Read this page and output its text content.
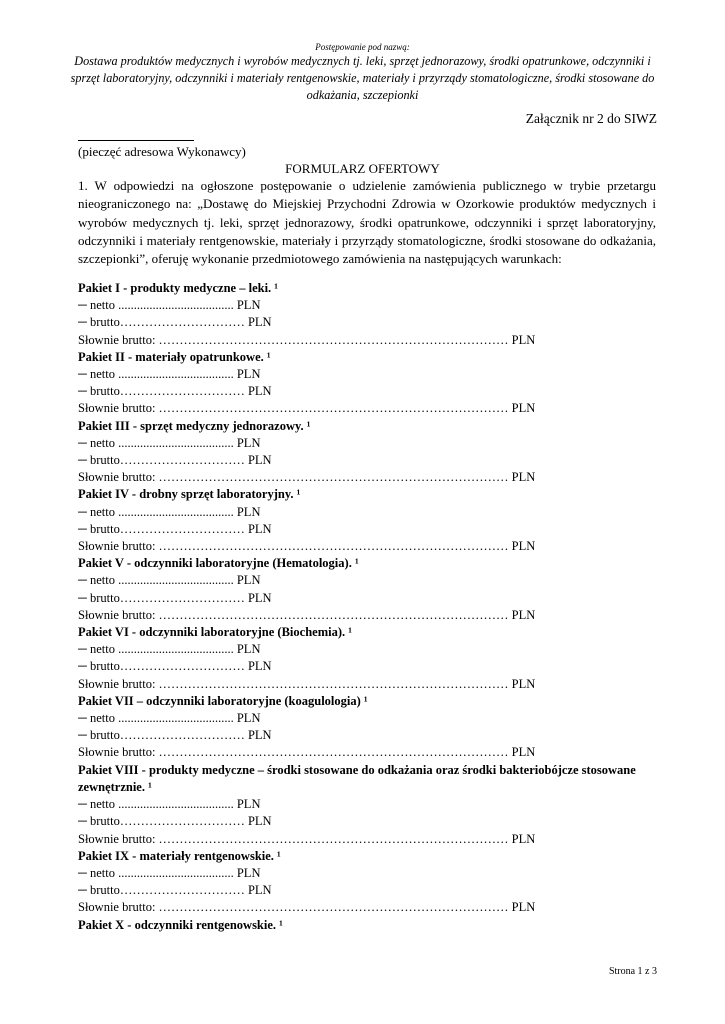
Postępowanie pod nazwą:
Dostawa produktów medycznych i wyrobów medycznych tj. leki, sprzęt jednorazowy, środki opatrunkowe, odczynniki i sprzęt laboratoryjny, odczynniki i materiały rentgenowskie, materiały i przyrządy stomatologiczne, środki stosowane do odkażania, szczepionki
Załącznik nr 2 do SIWZ
(pieczęć adresowa Wykonawcy)
FORMULARZ OFERTOWY
1. W odpowiedzi na ogłoszone postępowanie o udzielenie zamówienia publicznego w trybie przetargu nieograniczonego na: „Dostawę do Miejskiej Przychodni Zdrowia w Ozorkowie produktów medycznych i wyrobów medycznych tj. leki, sprzęt jednorazowy, środki opatrunkowe, odczynniki i sprzęt laboratoryjny, odczynniki i materiały rentgenowskie, materiały i przyrządy stomatologiczne, środki stosowane do odkażania, szczepionki”, oferuję wykonanie przedmiotowego zamówienia na następujących warunkach:
Pakiet I - produkty medyczne – leki. ¹
─ netto ..................................... PLN
─ brutto………………………… PLN
Słownie brutto: ………………………………………………………………………… PLN
Pakiet II - materiały opatrunkowe. ¹
─ netto ..................................... PLN
─ brutto………………………… PLN
Słownie brutto: ………………………………………………………………………… PLN
Pakiet III - sprzęt medyczny jednorazowy. ¹
─ netto ..................................... PLN
─ brutto………………………… PLN
Słownie brutto: ………………………………………………………………………… PLN
Pakiet IV - drobny sprzęt laboratoryjny. ¹
─ netto ..................................... PLN
─ brutto………………………… PLN
Słownie brutto: ………………………………………………………………………… PLN
Pakiet V - odczynniki laboratoryjne (Hematologia). ¹
─ netto ..................................... PLN
─ brutto………………………… PLN
Słownie brutto: ………………………………………………………………………… PLN
Pakiet VI - odczynniki laboratoryjne (Biochemia). ¹
─ netto ..................................... PLN
─ brutto………………………… PLN
Słownie brutto: ………………………………………………………………………… PLN
Pakiet VII – odczynniki laboratoryjne (koagulologia) ¹
─ netto ..................................... PLN
─ brutto………………………… PLN
Słownie brutto: ………………………………………………………………………… PLN
Pakiet VIII - produkty medyczne – środki stosowane do odkażania oraz środki bakteriobójcze stosowane zewnętrznie. ¹
─ netto ..................................... PLN
─ brutto………………………… PLN
Słownie brutto: ………………………………………………………………………… PLN
Pakiet IX - materiały rentgenowskie. ¹
─ netto ..................................... PLN
─ brutto………………………… PLN
Słownie brutto: ………………………………………………………………………… PLN
Pakiet X - odczynniki rentgenowskie. ¹
Strona 1 z 3
